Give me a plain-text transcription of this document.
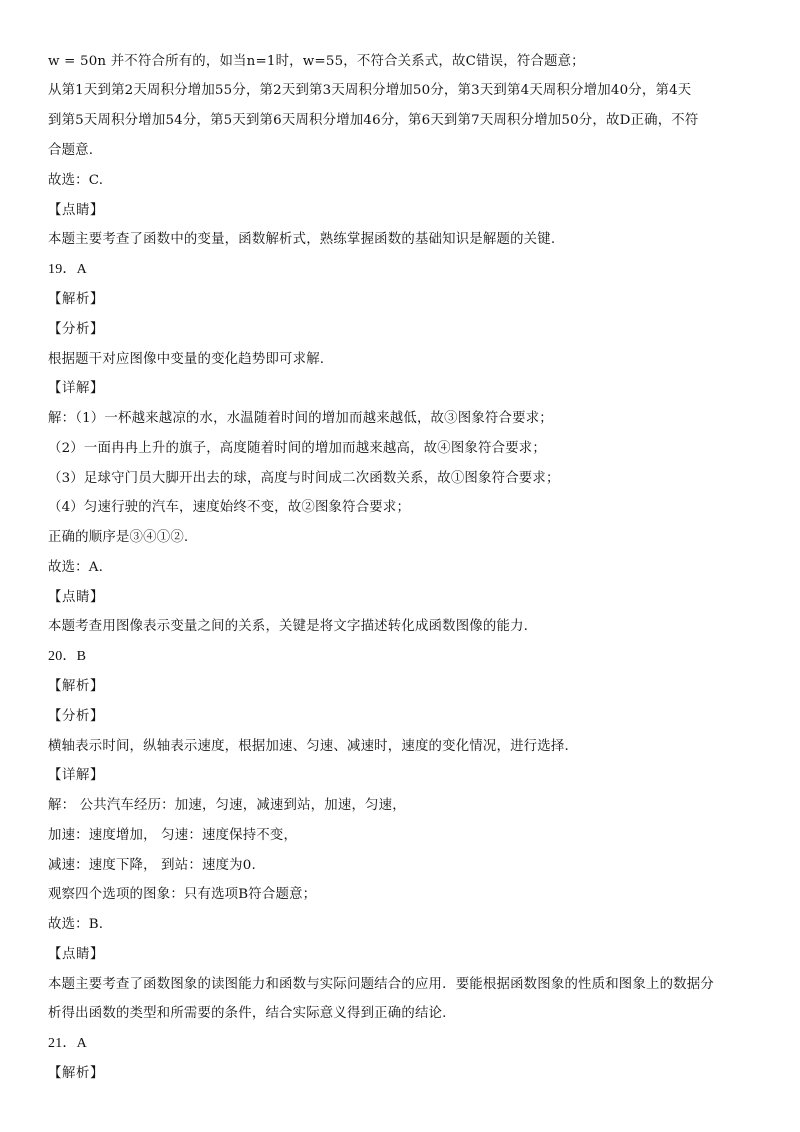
w = 50n 并不符合所有的，如当n=1时，w=55，不符合关系式，故C错误，符合题意；
从第1天到第2天周积分增加55分，第2天到第3天周积分增加50分，第3天到第4天周积分增加40分，第4天
到第5天周积分增加54分，第5天到第6天周积分增加46分，第6天到第7天周积分增加50分，故D正确，不符
合题意.
故选：C.
【点睛】
本题主要考查了函数中的变量，函数解析式，熟练掌握函数的基础知识是解题的关键.
19．A
【解析】
【分析】
根据题干对应图像中变量的变化趋势即可求解.
【详解】
解：（1）一杯越来越凉的水，水温随着时间的增加而越来越低，故③图象符合要求；
（2）一面冉冉上升的旗子，高度随着时间的增加而越来越高，故④图象符合要求；
（3）足球守门员大脚开出去的球，高度与时间成二次函数关系，故①图象符合要求；
（4）匀速行驶的汽车，速度始终不变，故②图象符合要求；
正确的顺序是③④①②.
故选：A.
【点睛】
本题考查用图像表示变量之间的关系，关键是将文字描述转化成函数图像的能力.
20．B
【解析】
【分析】
横轴表示时间，纵轴表示速度，根据加速、匀速、减速时，速度的变化情况，进行选择.
【详解】
解： 公共汽车经历：加速，匀速，减速到站，加速，匀速，
加速：速度增加， 匀速：速度保持不变，
减速：速度下降， 到站：速度为0.
观察四个选项的图象：只有选项B符合题意；
故选：B.
【点睛】
本题主要考查了函数图象的读图能力和函数与实际问题结合的应用．要能根据函数图象的性质和图象上的数据分
析得出函数的类型和所需要的条件，结合实际意义得到正确的结论.
21．A
【解析】
